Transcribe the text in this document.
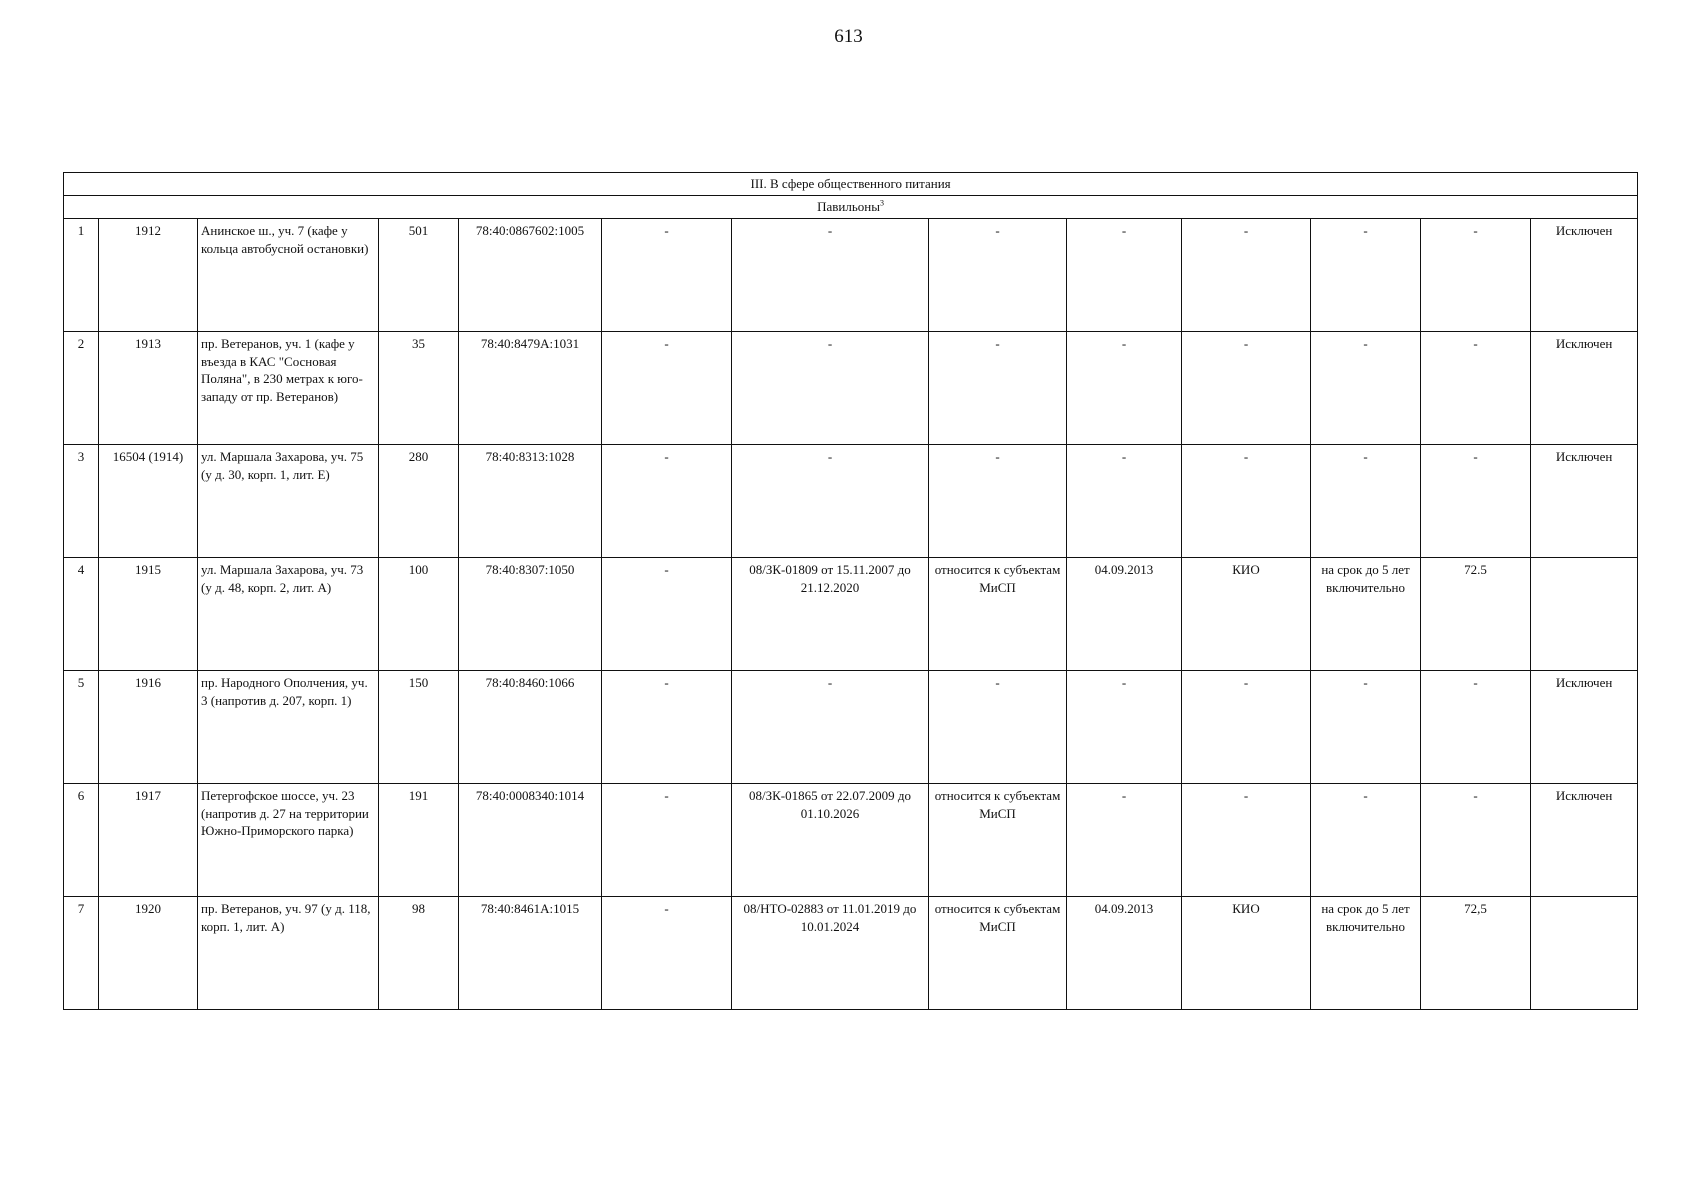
613
III. В сфере общественного питания												
Павильоны$^3$
1	1912	Анинское ш., уч. 7 (кафе у кольца автобусной остановки)	501	78:40:0867602:1005	-	-	-	-	-	-	-	Исключен
2	1913	пр. Ветеранов, уч. 1 (кафе у въезда в КАС "Сосновая Поляна", в 230 метрах к юго-западу от пр. Ветеранов)	35	78:40:8479А:1031	-	-	-	-	-	-	-	Исключен
3	16504 (1914)	ул. Маршала Захарова, уч. 75 (у д. 30, корп. 1, лит. Е)	280	78:40:8313:1028	-	-	-	-	-	-	-	Исключен
4	1915	ул. Маршала Захарова, уч. 73 (у д. 48, корп. 2, лит. А)	100	78:40:8307:1050	-	08/ЗК-01809 от 15.11.2007 до 21.12.2020	относится к субъектам МиСП	04.09.2013	КИО	на срок до 5 лет включительно	72.5	
5	1916	пр. Народного Ополчения, уч. 3 (напротив д. 207, корп. 1)	150	78:40:8460:1066	-	-	-	-	-	-	-	Исключен
6	1917	Петергофское шоссе, уч. 23 (напротив д. 27 на территории Южно-Приморского парка)	191	78:40:0008340:1014	-	08/ЗК-01865 от 22.07.2009 до 01.10.2026	относится к субъектам МиСП	-	-	-	-	Исключен
7	1920	пр. Ветеранов, уч. 97 (у д. 118, корп. 1, лит. А)	98	78:40:8461А:1015	-	08/НТО-02883 от 11.01.2019 до 10.01.2024	относится к субъектам МиСП	04.09.2013	КИО	на срок до 5 лет включительно	72,5	
